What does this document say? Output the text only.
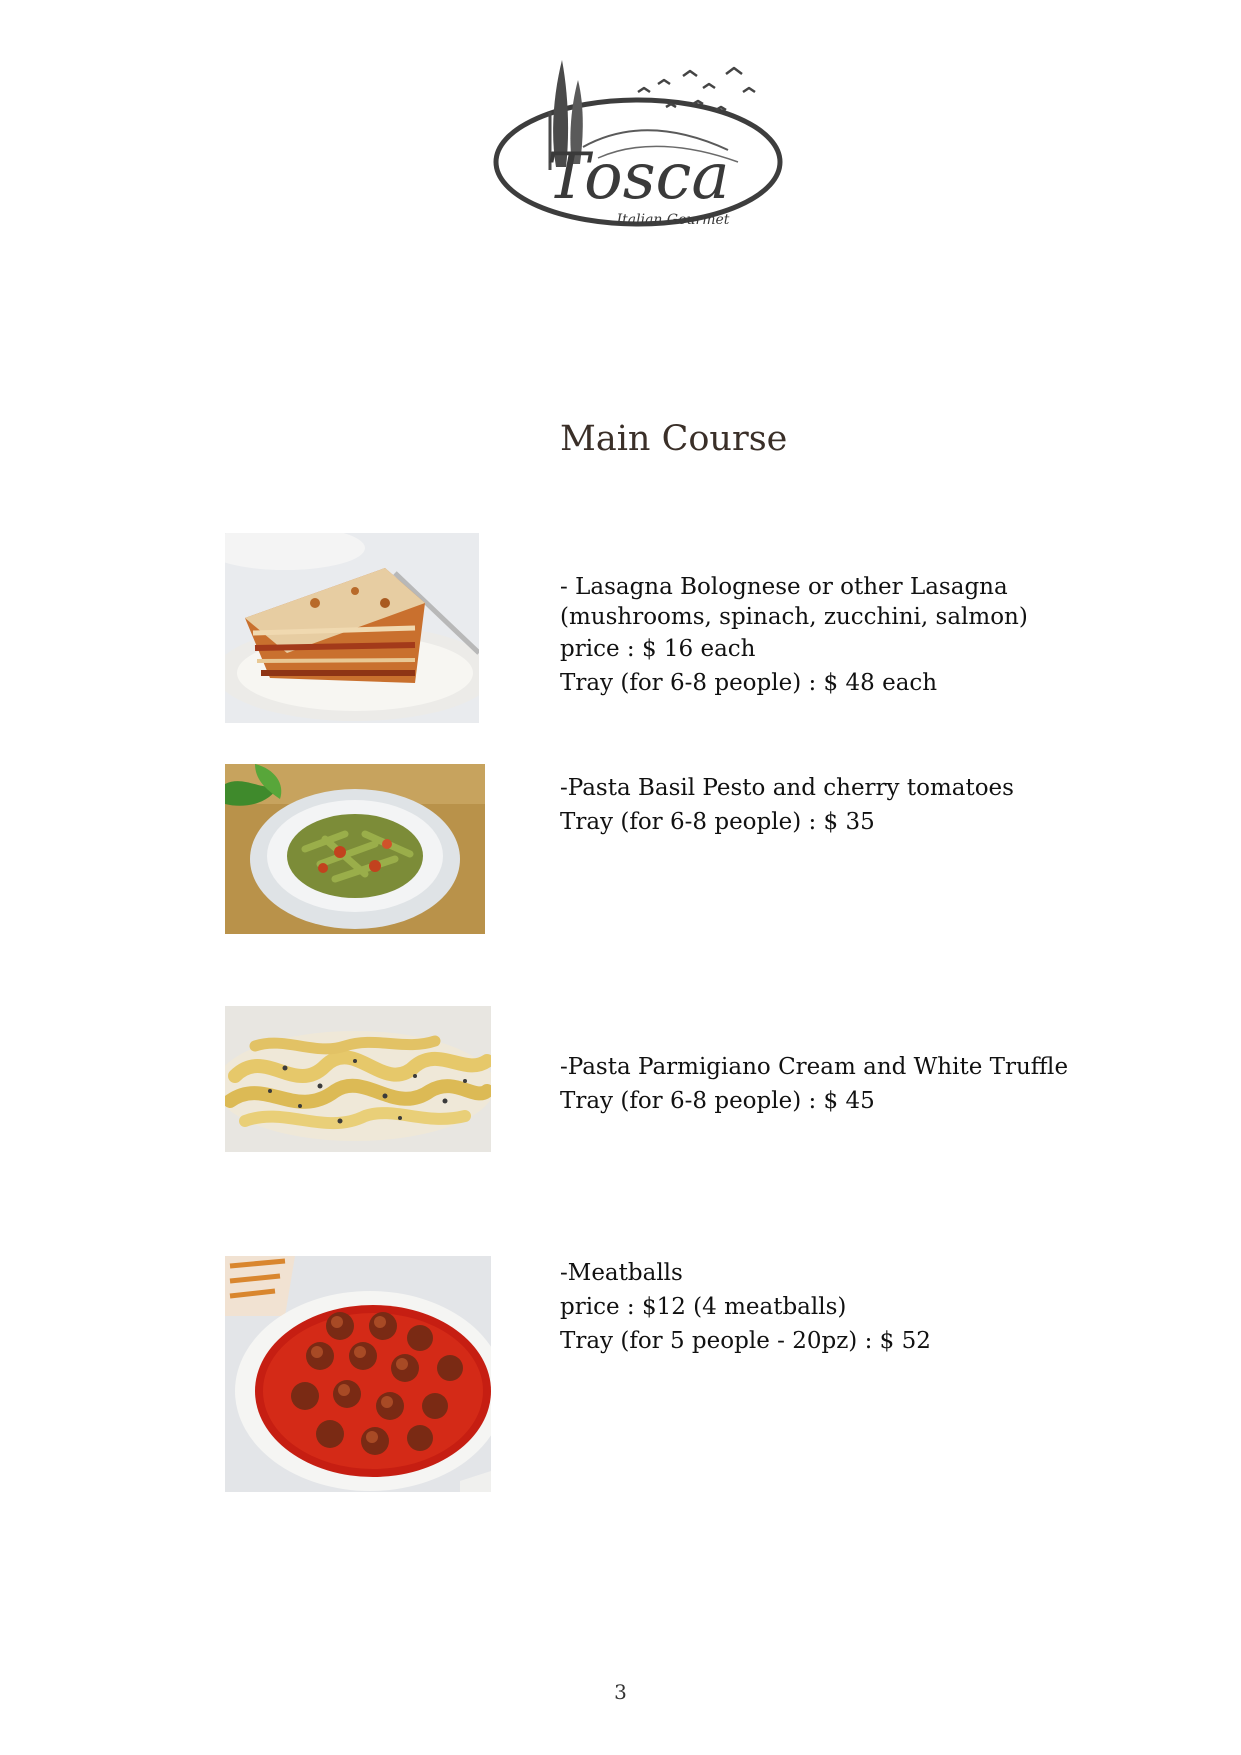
Tosca
Italian Gourmet
Main Course
- Lasagna Bolognese or other Lasagna
(mushrooms, spinach, zucchini, salmon)
price : $ 16 each
Tray (for 6-8 people) : $ 48 each
-Pasta Basil Pesto and cherry tomatoes
Tray (for 6-8 people) : $ 35
-Pasta Parmigiano Cream and White Truffle
Tray (for 6-8 people) : $ 45
-Meatballs
price : $12 (4 meatballs)
Tray (for 5 people - 20pz) : $ 52
3
